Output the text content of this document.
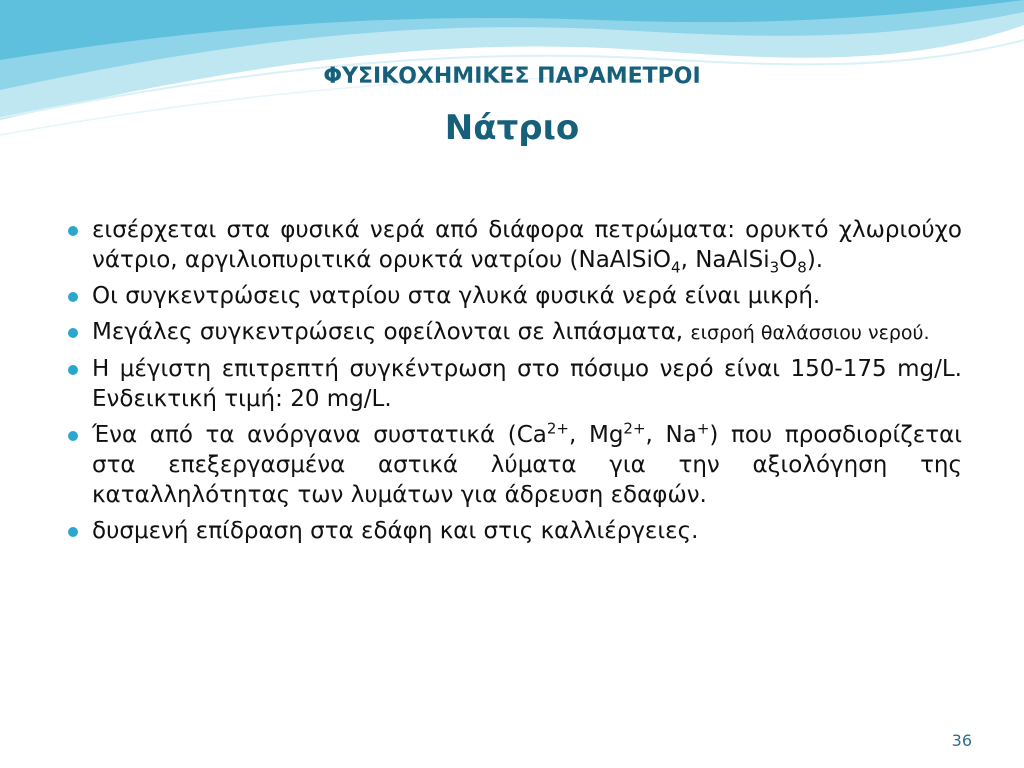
ΦΥΣΙΚΟΧΗΜΙΚΕΣ ΠΑΡΑΜΕΤΡΟΙ
Νάτριο
εισέρχεται στα φυσικά νερά από διάφορα πετρώματα: ορυκτό χλωριούχο νάτριο, αργιλιοπυριτικά ορυκτά νατρίου (NaAlSiO$_4$, $NaAlSi_3O_8$).
Οι συγκεντρώσεις νατρίου στα γλυκά φυσικά νερά είναι μικρή.
Μεγάλες συγκεντρώσεις οφείλονται σε λιπάσματα, εισροή θαλάσσιου νερού.
Η μέγιστη επιτρεπτή συγκέντρωση στο πόσιμο νερό είναι 150-175 mg/L. Ενδεικτική τιμή: 20 mg/L.
Ένα από τα ανόργανα συστατικά ($Ca^{2+}$, $Mg^{2+}$, Na+) που προσδιορίζεται στα επεξεργασμένα αστικά λύματα για την αξιολόγηση της καταλληλότητας των λυμάτων για άδρευση εδαφών.
δυσμενή επίδραση στα εδάφη και στις καλλιέργειες.
36
